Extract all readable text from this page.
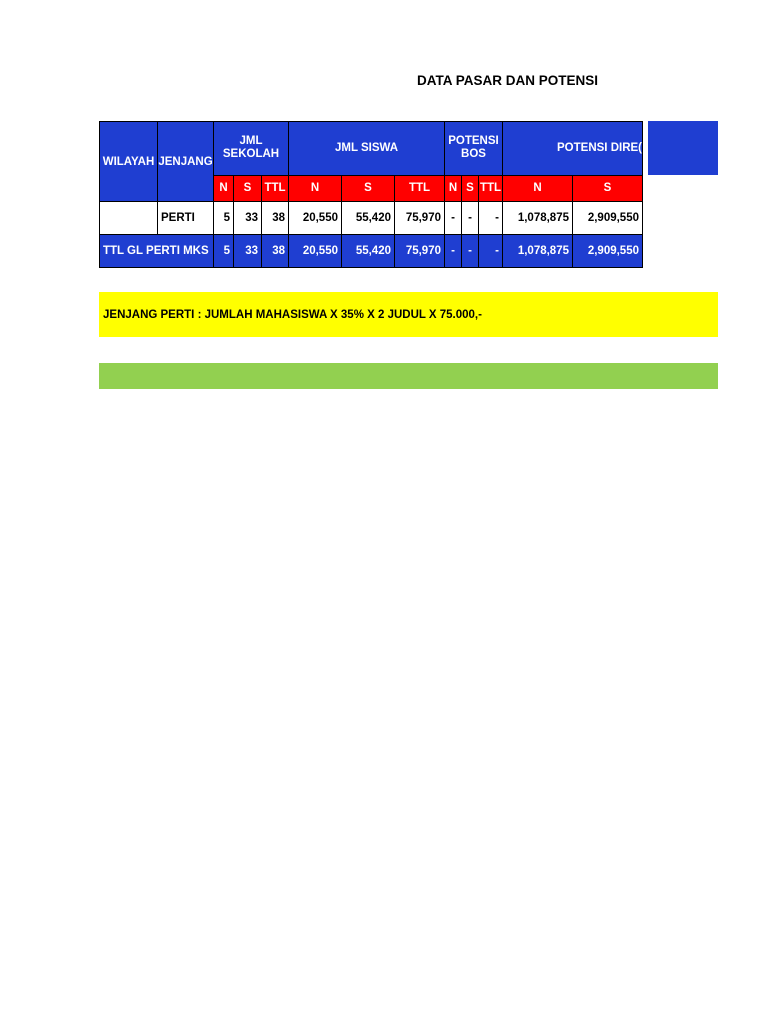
DATA PASAR DAN POTENSI
WILAYAH	JENJANG	JML SEKOLAH			JML SISWA			POTENSI BOS			POTENSI DIRE(	
		N	S	TTL	N	S	TTL	N	S	TTL	N	S
	PERTI	5	33	38	20,550	55,420	75,970	-	-	-	1,078,875	2,909,550
TTL GL PERTI MKS		5	33	38	20,550	55,420	75,970	-	-	-	1,078,875	2,909,550
JENJANG PERTI : JUMLAH MAHASISWA X 35% X 2 JUDUL X 75.000,-
